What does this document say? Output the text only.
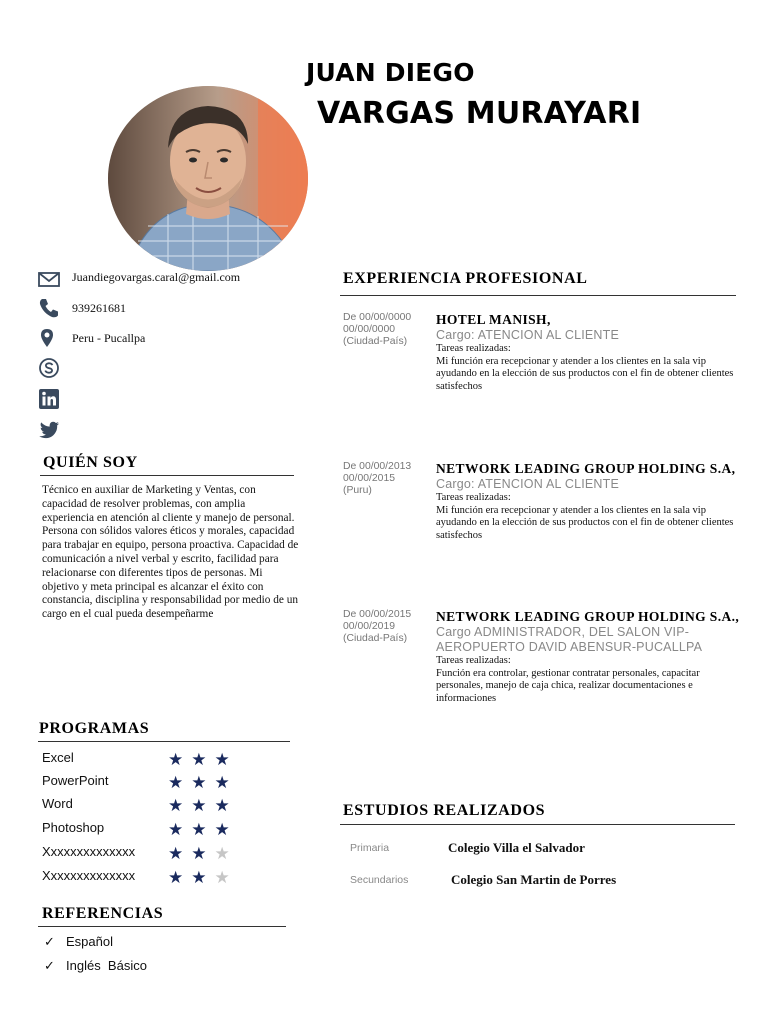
JUAN DIEGO
VARGAS MURAYARI
Juandiegovargas.caral@gmail.com
939261681
Peru - Pucallpa
QUIÉN SOY
Técnico en auxiliar de Marketing y Ventas, con capacidad de resolver problemas, con amplia experiencia en atención al cliente y manejo de personal. Persona con sólidos valores éticos y morales, capacidad para trabajar en equipo, persona proactiva. Capacidad de comunicación a nivel verbal y escrito, facilidad para relacionarse con diferentes tipos de personas. Mi objetivo y meta principal es alcanzar el éxito con constancia, disciplina y responsabilidad por medio de un cargo en el cual pueda desempeñarme
PROGRAMAS
Excel	★★★
PowerPoint	★★★
Word	★★★
Photoshop	★★★
Xxxxxxxxxxxxxx ★★★
Xxxxxxxxxxxxxx ★★★
REFERENCIAS
✓ Español
✓ Inglés  Básico
EXPERIENCIA PROFESIONAL
De 00/00/0000
00/00/0000
(Ciudad-País)
HOTEL MANISH,
Cargo: ATENCION AL CLIENTE
Tareas realizadas:
Mi función era recepcionar y atender a los clientes en la sala vip ayudando en la elección de sus productos con el fin de obtener clientes satisfechos
De 00/00/2013
00/00/2015
(Puru)
NETWORK LEADING GROUP HOLDING S.A,
Cargo: ATENCION AL CLIENTE
Tareas realizadas:
Mi función era recepcionar y atender a los clientes en la sala vip ayudando en la elección de sus productos con el fin de obtener clientes satisfechos
De 00/00/2015
00/00/2019
(Ciudad-País)
NETWORK LEADING GROUP HOLDING S.A.,
Cargo ADMINISTRADOR, DEL SALON VIP-AEROPUERTO DAVID ABENSUR-PUCALLPA
Tareas realizadas:
Función era controlar, gestionar contratar personales, capacitar personales, manejo de caja chica, realizar documentaciones e informaciones
ESTUDIOS REALIZADOS
Primaria	Colegio Villa el Salvador
Secundarios	Colegio San Martin de Porres
